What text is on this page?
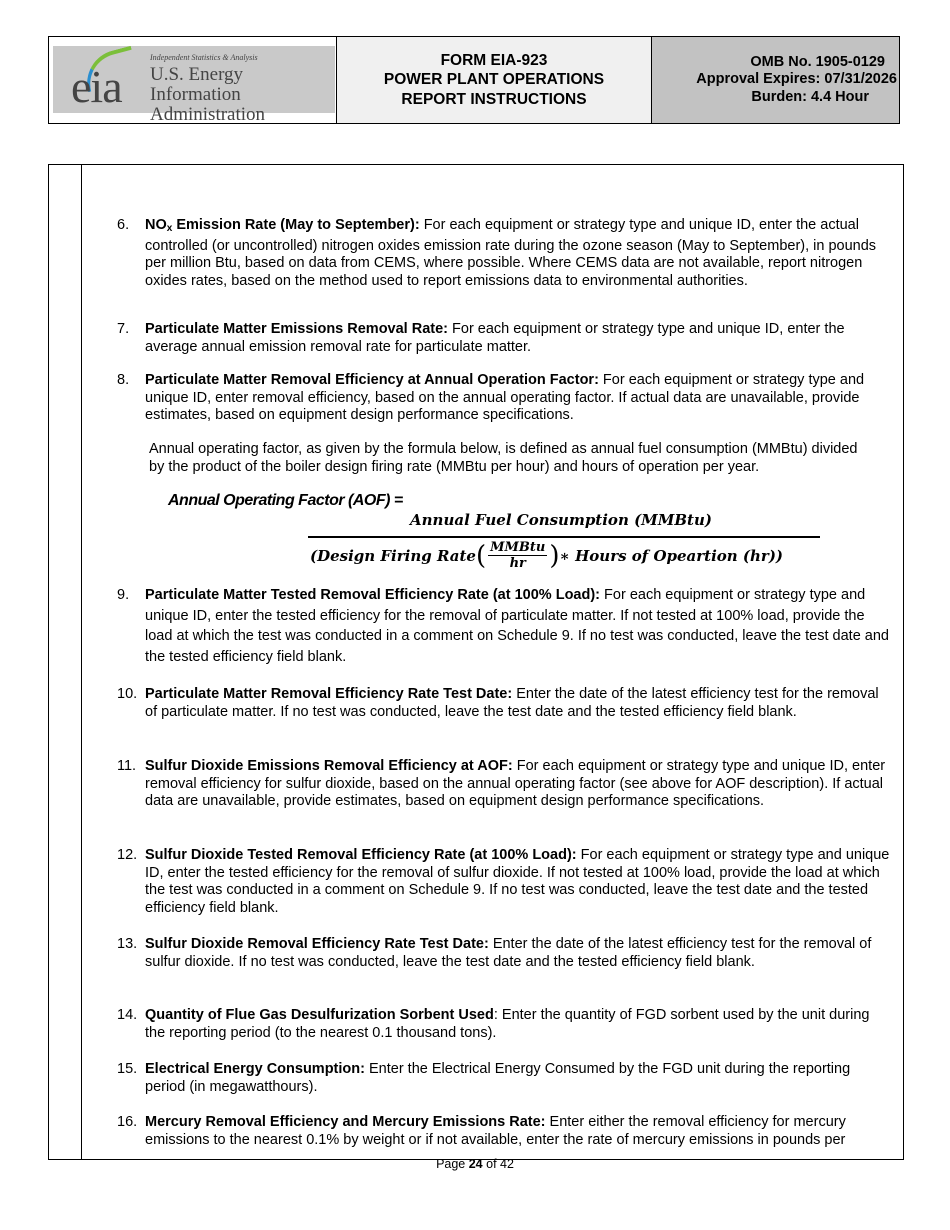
eia
Independent Statistics & Analysis
U.S. Energy Information
Administration
FORM EIA-923
POWER PLANT OPERATIONS
REPORT INSTRUCTIONS
OMB No. 1905-0129
Approval Expires: 07/31/2026
Burden: 4.4 Hour
6. NOx Emission Rate (May to September): For each equipment or strategy type and unique ID, enter the actual controlled (or uncontrolled) nitrogen oxides emission rate during the ozone season (May to September), in pounds per million Btu, based on data from CEMS, where possible. Where CEMS data are not available, report nitrogen oxides rates, based on the method used to report emissions data to environmental authorities.
7. Particulate Matter Emissions Removal Rate: For each equipment or strategy type and unique ID, enter the average annual emission removal rate for particulate matter.
8. Particulate Matter Removal Efficiency at Annual Operation Factor: For each equipment or strategy type and unique ID, enter removal efficiency, based on the annual operating factor. If actual data are unavailable, provide estimates, based on equipment design performance specifications.
9. Particulate Matter Tested Removal Efficiency Rate (at 100% Load): For each equipment or strategy type and unique ID, enter the tested efficiency for the removal of particulate matter. If not tested at 100% load, provide the load at which the test was conducted in a comment on Schedule 9. If no test was conducted, leave the test date and the tested efficiency field blank.
10. Particulate Matter Removal Efficiency Rate Test Date: Enter the date of the latest efficiency test for the removal of particulate matter. If no test was conducted, leave the test date and the tested efficiency field blank.
11. Sulfur Dioxide Emissions Removal Efficiency at AOF: For each equipment or strategy type and unique ID, enter removal efficiency for sulfur dioxide, based on the annual operating factor (see above for AOF description). If actual data are unavailable, provide estimates, based on equipment design performance specifications.
12. Sulfur Dioxide Tested Removal Efficiency Rate (at 100% Load): For each equipment or strategy type and unique ID, enter the tested efficiency for the removal of sulfur dioxide. If not tested at 100% load, provide the load at which the test was conducted in a comment on Schedule 9. If no test was conducted, leave the test date and the tested efficiency field blank.
13. Sulfur Dioxide Removal Efficiency Rate Test Date: Enter the date of the latest efficiency test for the removal of sulfur dioxide. If no test was conducted, leave the test date and the tested efficiency field blank.
14. Quantity of Flue Gas Desulfurization Sorbent Used: Enter the quantity of FGD sorbent used by the unit during the reporting period (to the nearest 0.1 thousand tons).
15. Electrical Energy Consumption: Enter the Electrical Energy Consumed by the FGD unit during the reporting period (in megawatthours).
16. Mercury Removal Efficiency and Mercury Emissions Rate: Enter either the removal efficiency for mercury emissions to the nearest 0.1% by weight or if not available, enter the rate of mercury emissions in pounds per
Annual operating factor, as given by the formula below, is defined as annual fuel consumption (MMBtu) divided by the product of the boiler design firing rate (MMBtu per hour) and hours of operation per year.
Annual Operating Factor (AOF) =
Annual Fuel Consumption (MMBtu)
(Design Firing Rate ( $\frac{\text{MMBtu}}{hr}$ ) ∗ Hours of Opeartion (hr))
Page 24 of 42
